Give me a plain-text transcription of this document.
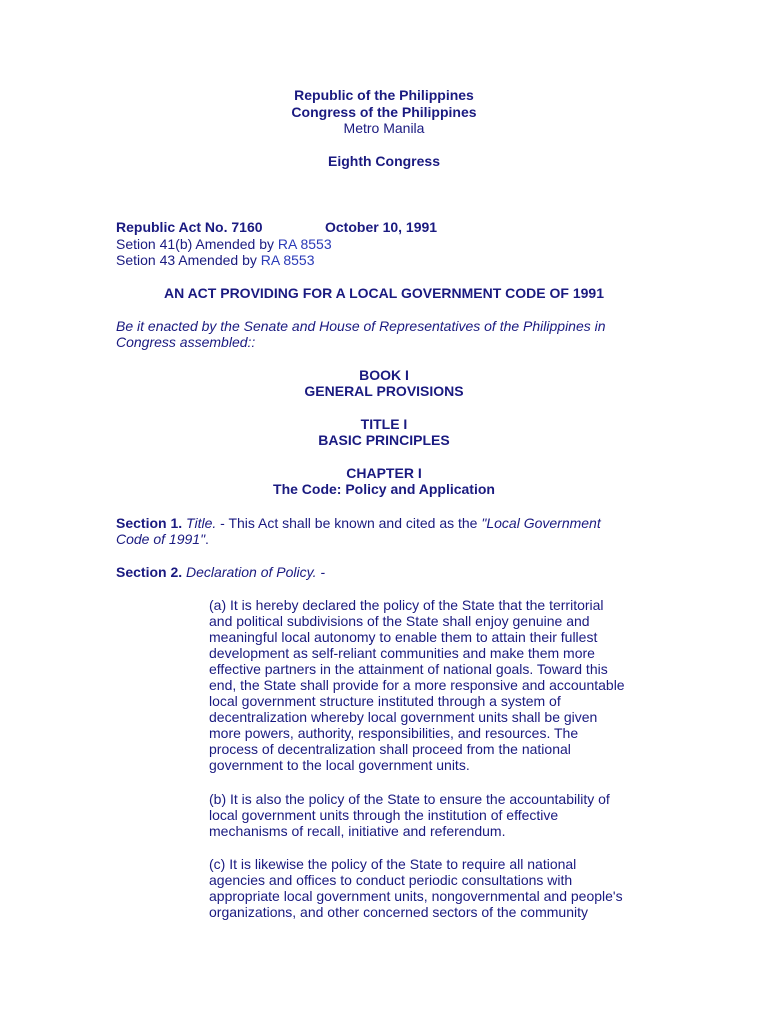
Republic of the Philippines
Congress of the Philippines
Metro Manila
Eighth Congress
Republic Act No. 7160	October 10, 1991
Setion 41(b) Amended by RA 8553
Setion 43 Amended by RA 8553
AN ACT PROVIDING FOR A LOCAL GOVERNMENT CODE OF 1991
Be it enacted by the Senate and House of Representatives of the Philippines in
Congress assembled::
BOOK I
GENERAL PROVISIONS
TITLE I
BASIC PRINCIPLES
CHAPTER I
The Code: Policy and Application
Section 1. Title. - This Act shall be known and cited as the "Local Government
Code of 1991".
Section 2. Declaration of Policy. -

(a) It is hereby declared the policy of the State that the territorial

and political subdivisions of the State shall enjoy genuine and

meaningful local autonomy to enable them to attain their fullest

development as self-reliant communities and make them more

effective partners in the attainment of national goals. Toward this

end, the State shall provide for a more responsive and accountable

local government structure instituted through a system of

decentralization whereby local government units shall be given

more powers, authority, responsibilities, and resources. The

process of decentralization shall proceed from the national

government to the local government units.

(b) It is also the policy of the State to ensure the accountability of

local government units through the institution of effective

mechanisms of recall, initiative and referendum.

(c) It is likewise the policy of the State to require all national

agencies and offices to conduct periodic consultations with

appropriate local government units, nongovernmental and people's

organizations, and other concerned sectors of the community
